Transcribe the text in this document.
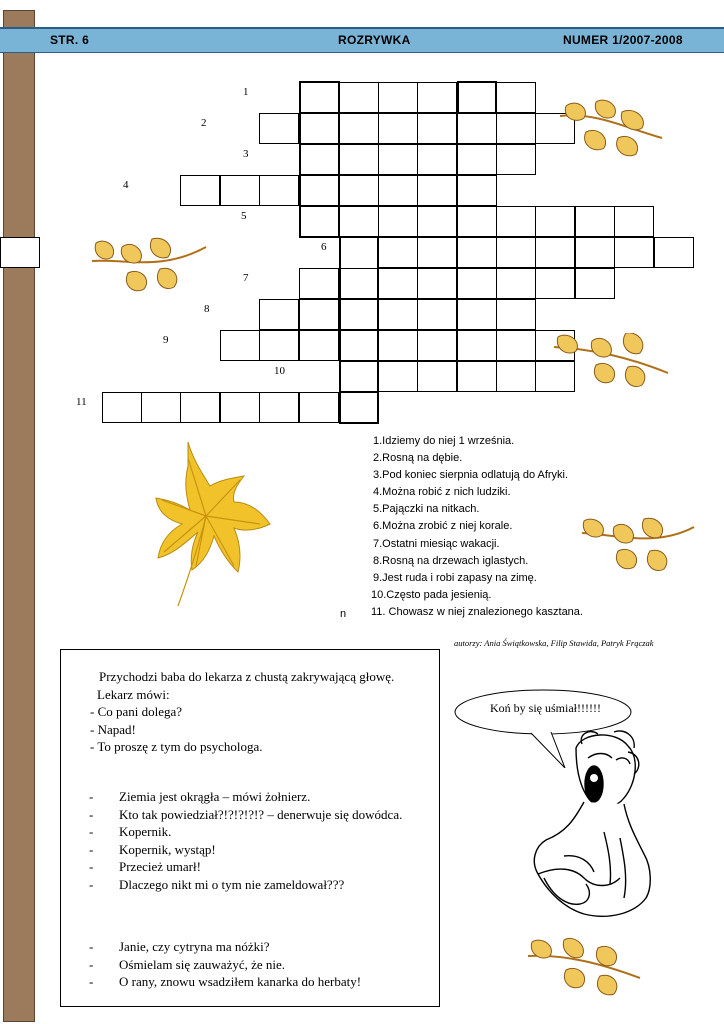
STR. 6	ROZRYWKA	NUMER 1/2007-2008
1
2
3
4
5
6
7
8
9
10
11
1.Idziemy do niej 1 września.
2.Rosną na dębie.
3.Pod koniec sierpnia odlatują do Afryki.
4.Można robić z nich ludziki.
5.Pajączki na nitkach.
6.Można zrobić z niej korale.
7.Ostatni miesiąc wakacji.
8.Rosną na drzewach iglastych.
9.Jest ruda i robi zapasy na zimę.
10.Często pada jesienią.
11. Chowasz w niej znalezionego kasztana.
n
autorzy: Ania Świątkowska, Filip Stawida, Patryk Frączak
Przychodzi baba do lekarza z chustą zakrywającą głowę.
Lekarz mówi:
- Co pani dolega?
- Napad!
- To proszę z tym do psychologa.
- Ziemia jest okrągła – mówi żołnierz.
- Kto tak powiedział?!?!?!?!? – denerwuje się dowódca.
- Kopernik.
- Kopernik, wystąp!
- Przecież umarł!
- Dlaczego nikt mi o tym nie zameldował???
- Janie, czy cytryna ma nóżki?
- Ośmielam się zauważyć, że nie.
- O rany, znowu wsadziłem kanarka do herbaty!
Koń by się uśmiał!!!!!!
